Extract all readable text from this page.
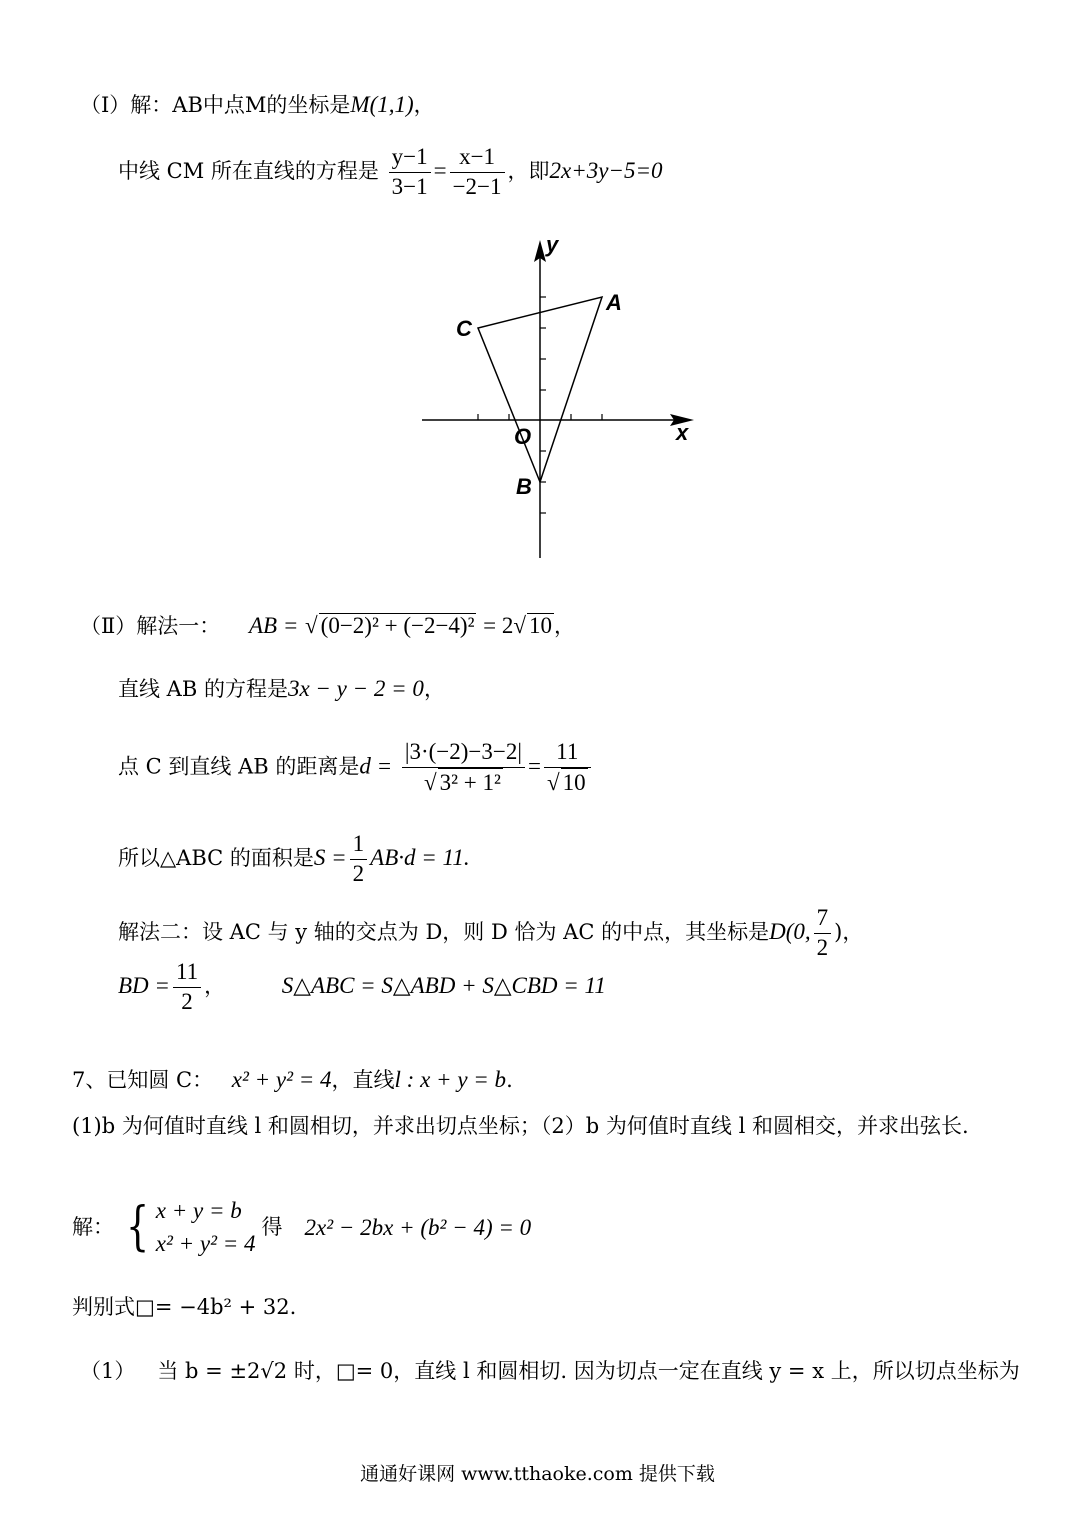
（Ⅰ）解：AB中点M的坐标是M(1,1)，
中线 CM 所在直线的方程是 $\frac{y-1}{3-1} = \frac{x-1}{-2-1}$ ，即2x+3y−5=0
y
x
A
C
O
B
（Ⅱ）解法一： AB = √ (0−2)² + (−2−4)² = 2√ 10，
直线 AB 的方程是3x − y − 2 = 0，
点 C 到直线 AB 的距离是$d = \frac{|3\cdot(-2)-3-2|}{\text{√ 3² + 1²}} = \frac{11}{√ 10}$
所以△ABC 的面积是$S = \frac{1}{2} AB\cdot d = 11$.
解法二：设 AC 与 y 轴的交点为 D，则 D 恰为 AC 的中点，其坐标是D(0, $\frac{7}{2}$ )，
BD = $\frac{11}{2}$ ， S△ABC = S△ABD + S△CBD = 11
7、已知圆 C： x² + y² = 4，直线l : x + y = b.
(1)b 为何值时直线 l 和圆相切，并求出切点坐标；（2）b 为何值时直线 l 和圆相交，并求出弦长.
解： { x + y = b
x² + y² = 4
得 2x² − 2bx + (b² − 4) = 0
判别式□= −4b² + 32.
（1） 当 b = ±2√2 时，□= 0，直线 l 和圆相切. 因为切点一定在直线 y = x 上，所以切点坐标为
通通好课网 www.tthaoke.com 提供下载
